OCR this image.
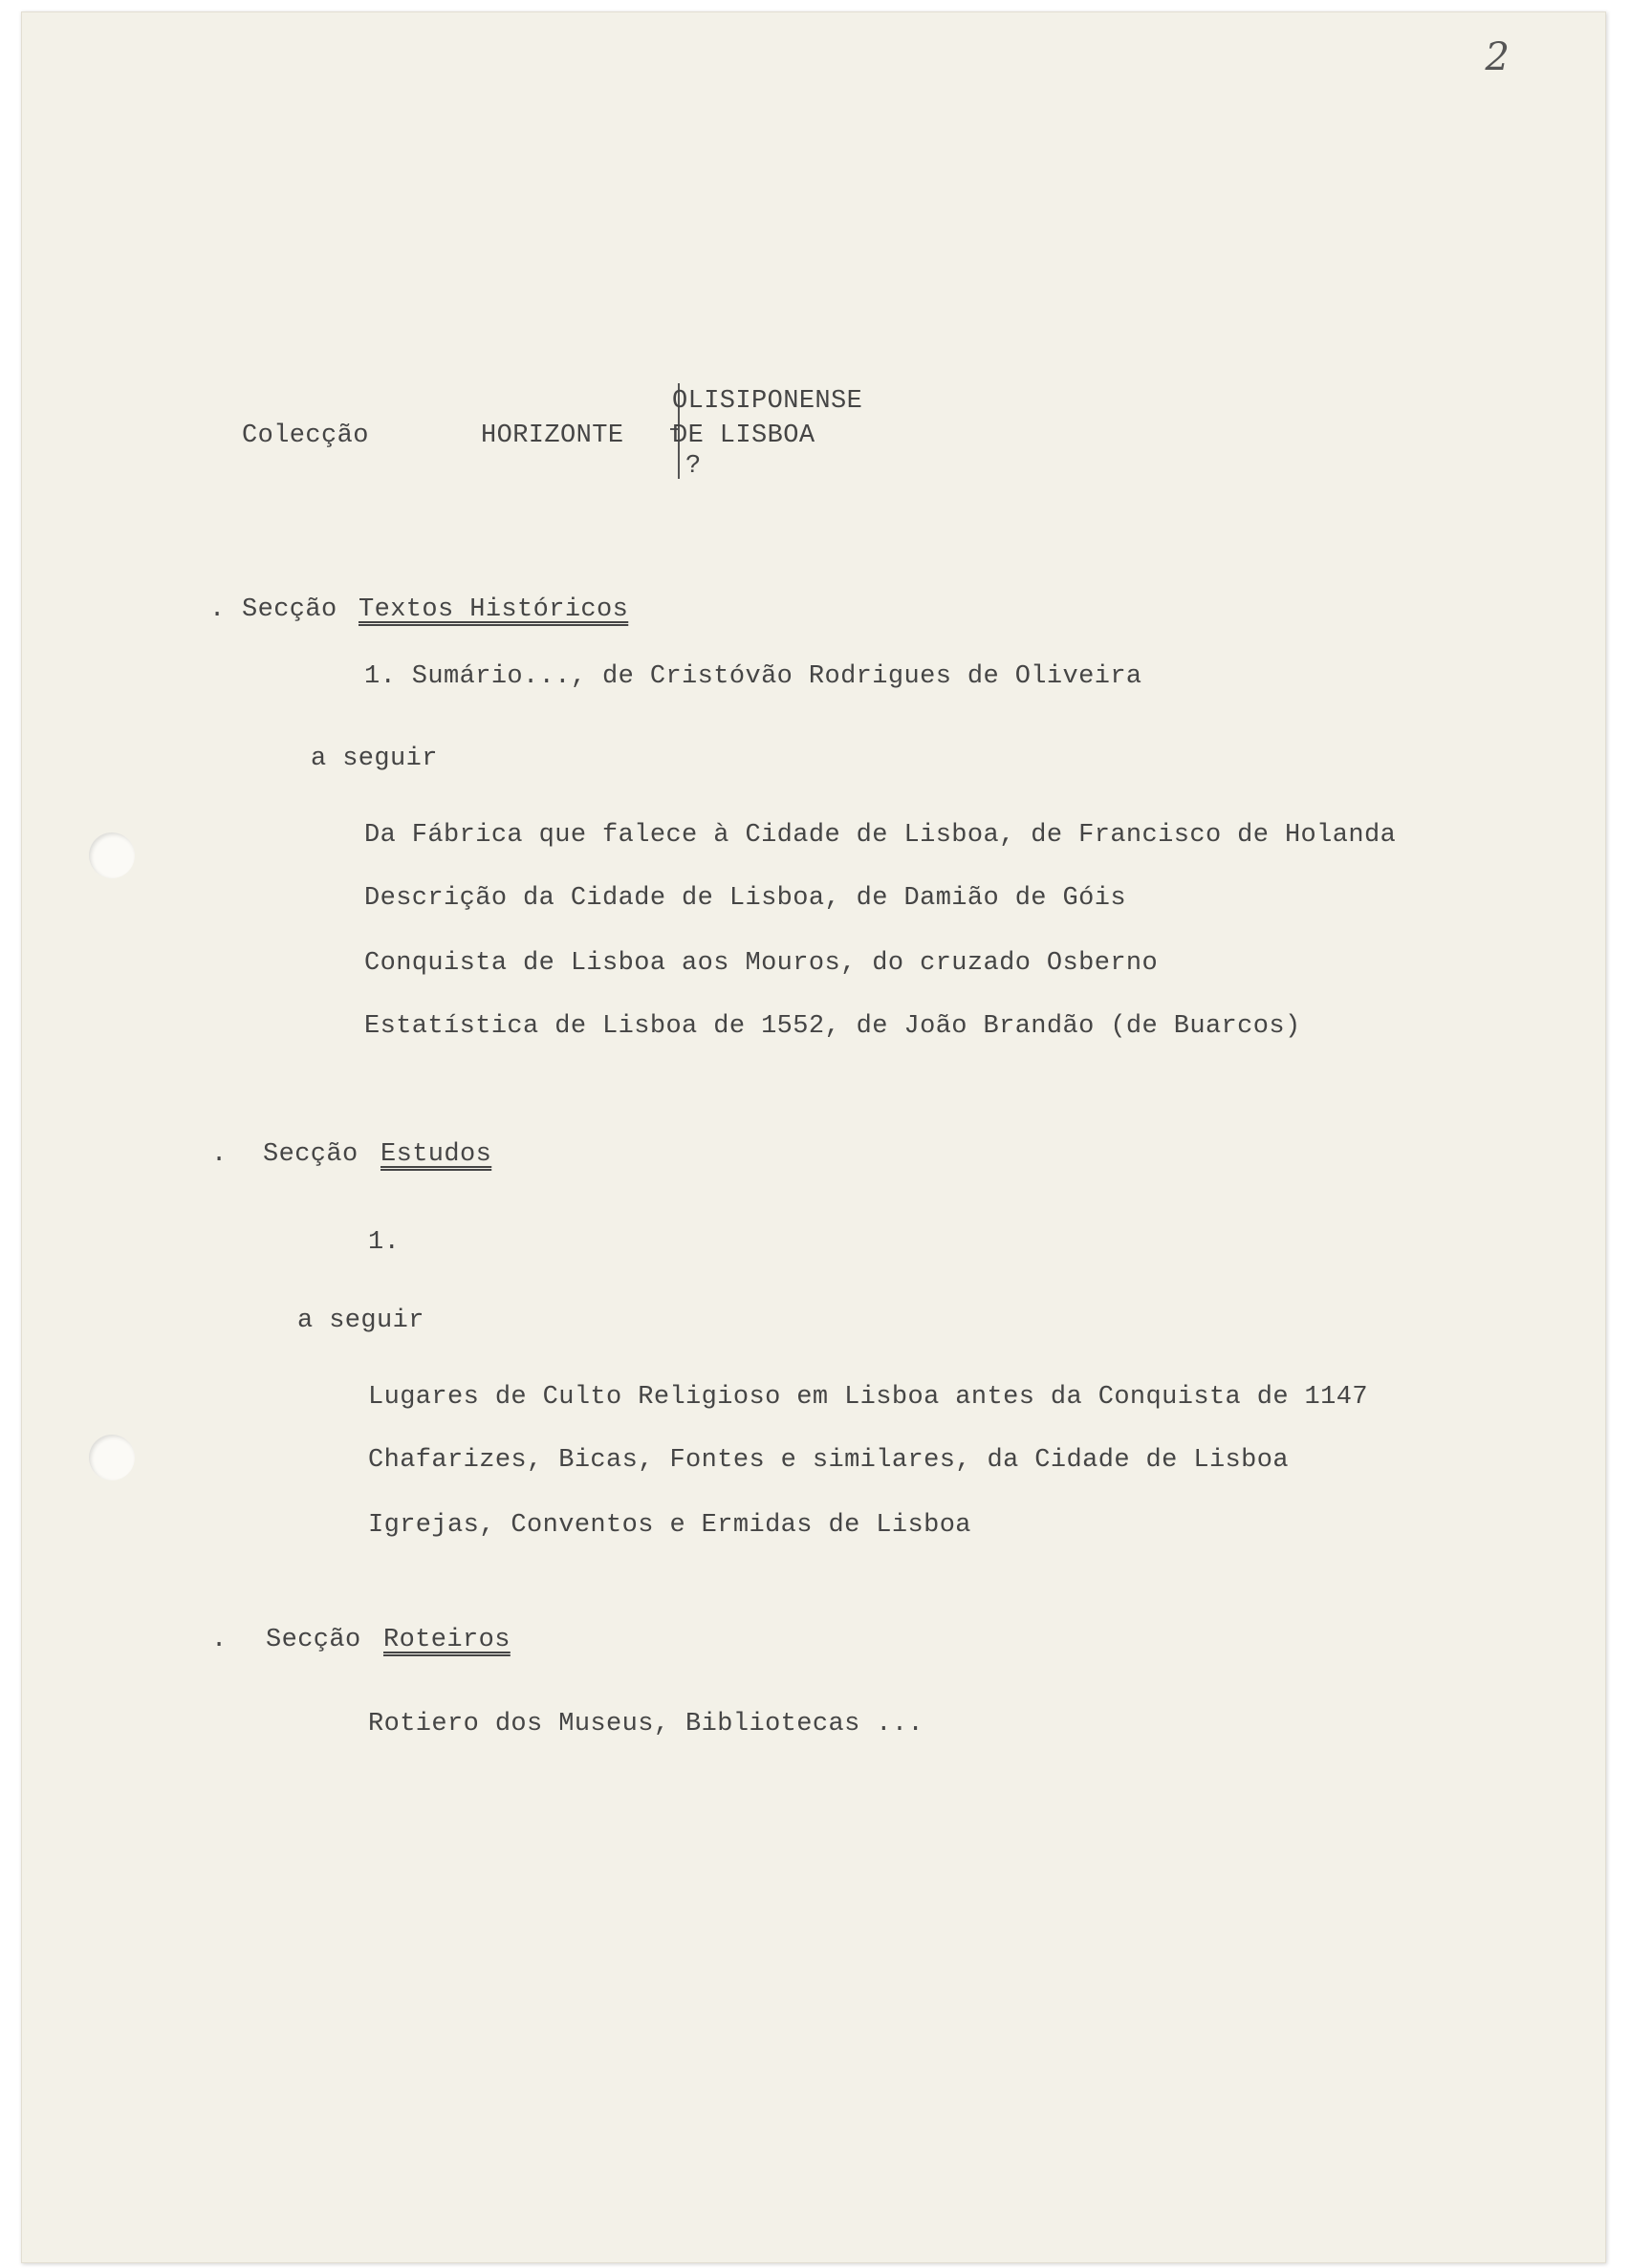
2
Colecção	HORIZONTE
OLISIPONENSE
DE LISBOA
?
. Secção Textos Históricos
1. Sumário..., de Cristóvão Rodrigues de Oliveira
a seguir
Da Fábrica que falece à Cidade de Lisboa, de Francisco de Holanda
Descrição da Cidade de Lisboa, de Damião de Góis
Conquista de Lisboa aos Mouros, do cruzado Osberno
Estatística de Lisboa de 1552, de João Brandão (de Buarcos)
. Secção Estudos
1.
a seguir
Lugares de Culto Religioso em Lisboa antes da Conquista de 1147
Chafarizes, Bicas, Fontes e similares, da Cidade de Lisboa
Igrejas, Conventos e Ermidas de Lisboa
. Secção Roteiros
Rotiero dos Museus, Bibliotecas ...
